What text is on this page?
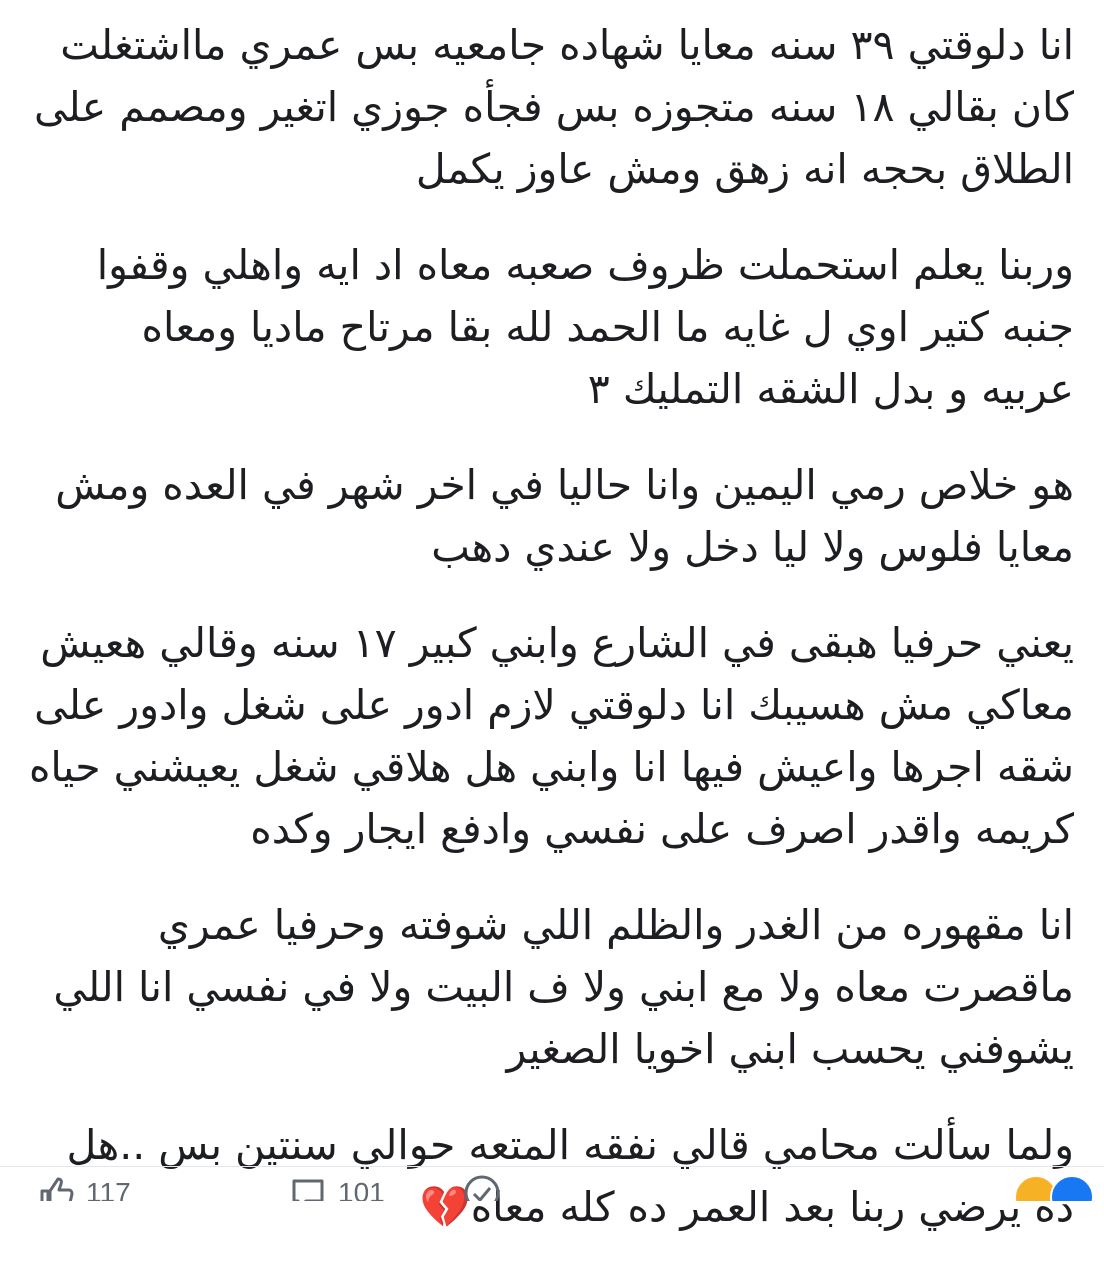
انا دلوقتي ٣٩ سنه معايا شهاده جامعيه بس عمري مااشتغلت
كان بقالي ١٨ سنه متجوزه بس فجأه جوزي اتغير ومصمم على
الطلاق بحجه انه زهق ومش عاوز يكمل

وربنا يعلم استحملت ظروف صعبه معاه اد ايه واهلي وقفوا
جنبه كتير اوي ل غايه ما الحمد لله بقا مرتاح ماديا ومعاه
عربيه و بدل الشقه التمليك ٣

هو خلاص رمي اليمين وانا حاليا في اخر شهر في العده ومش
معايا فلوس ولا ليا دخل ولا عندي دهب

يعني حرفيا هبقى في الشارع وابني كبير ١٧ سنه وقالي هعيش
معاكي مش هسيبك انا دلوقتي لازم ادور على شغل وادور على
شقه اجرها واعيش فيها انا وابني هل هلاقي شغل يعيشني حياه
كريمه واقدر اصرف على نفسي وادفع ايجار وكده

انا مقهوره من الغدر والظلم اللي شوفته وحرفيا عمري
ماقصرت معاه ولا مع ابني ولا ف البيت ولا في نفسي انا اللي
يشوفني يحسب ابني اخويا الصغير

ولما سألت محامي قالي نفقه المتعه حوالي سنتين بس ..هل
ده يرضي ربنا بعد العمر ده كله معاه💔

117	101
